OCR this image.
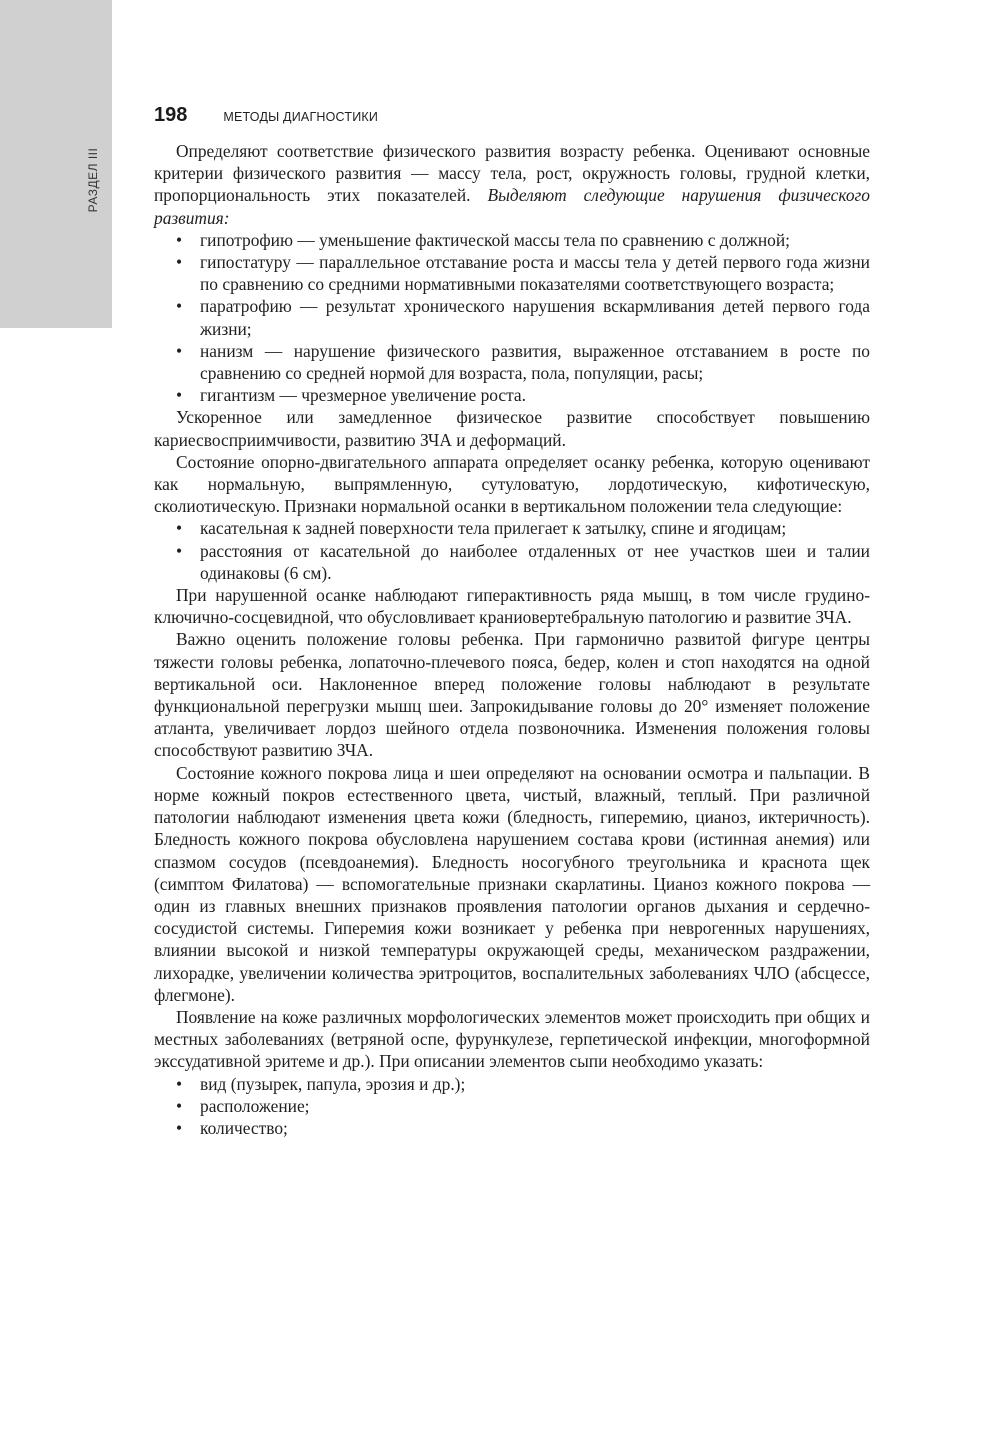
РАЗДЕЛ III
198	МЕТОДЫ ДИАГНОСТИКИ

Определяют соответствие физического развития возрасту ребенка. Оценивают основные критерии физического развития — массу тела, рост, окружность головы, грудной клетки, пропорциональность этих показателей. Выделяют следующие нарушения физического развития:

• гипотрофию — уменьшение фактической массы тела по сравнению с должной;
• гипостатуру — параллельное отставание роста и массы тела у детей первого года жизни по сравнению со средними нормативными показателями соответствующего возраста;
• паратрофию — результат хронического нарушения вскармливания детей первого года жизни;
• нанизм — нарушение физического развития, выраженное отставанием в росте по сравнению со средней нормой для возраста, пола, популяции, расы;
• гигантизм — чрезмерное увеличение роста.

Ускоренное или замедленное физическое развитие способствует повышению кариесвосприимчивости, развитию ЗЧА и деформаций.

Состояние опорно-двигательного аппарата определяет осанку ребенка, которую оценивают как нормальную, выпрямленную, сутуловатую, лордотическую, кифотическую, сколиотическую. Признаки нормальной осанки в вертикальном положении тела следующие:

• касательная к задней поверхности тела прилегает к затылку, спине и ягодицам;
• расстояния от касательной до наиболее отдаленных от нее участков шеи и талии одинаковы (6 см).

При нарушенной осанке наблюдают гиперактивность ряда мышц, в том числе грудино-ключично-сосцевидной, что обусловливает краниовертебральную патологию и развитие ЗЧА.

Важно оценить положение головы ребенка. При гармонично развитой фигуре центры тяжести головы ребенка, лопаточно-плечевого пояса, бедер, колен и стоп находятся на одной вертикальной оси. Наклоненное вперед положение головы наблюдают в результате функциональной перегрузки мышц шеи. Запрокидывание головы до 20° изменяет положение атланта, увеличивает лордоз шейного отдела позвоночника. Изменения положения головы способствуют развитию ЗЧА.

Состояние кожного покрова лица и шеи определяют на основании осмотра и пальпации. В норме кожный покров естественного цвета, чистый, влажный, теплый. При различной патологии наблюдают изменения цвета кожи (бледность, гиперемию, цианоз, иктеричность). Бледность кожного покрова обусловлена нарушением состава крови (истинная анемия) или спазмом сосудов (псевдоанемия). Бледность носогубного треугольника и краснота щек (симптом Филатова) — вспомогательные признаки скарлатины. Цианоз кожного покрова — один из главных внешних признаков проявления патологии органов дыхания и сердечно-сосудистой системы. Гиперемия кожи возникает у ребенка при неврогенных нарушениях, влиянии высокой и низкой температуры окружающей среды, механическом раздражении, лихорадке, увеличении количества эритроцитов, воспалительных заболеваниях ЧЛО (абсцессе, флегмоне).

Появление на коже различных морфологических элементов может происходить при общих и местных заболеваниях (ветряной оспе, фурункулезе, герпетической инфекции, многоформной экссудативной эритеме и др.). При описании элементов сыпи необходимо указать:

• вид (пузырек, папула, эрозия и др.);
• расположение;
• количество;
